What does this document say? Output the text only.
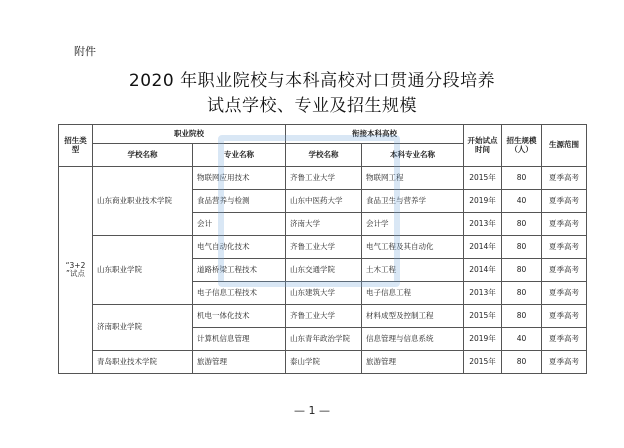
附件
2020 年职业院校与本科高校对口贯通分段培养
试点学校、专业及招生规模
招生类型	职业院校		衔接本科高校		开始试点时间	招生规模（人）	生源范围
	学校名称	专业名称	学校名称	本科专业名称			
“3+2 ”试点	山东商业职业技术学院	物联网应用技术	齐鲁工业大学	物联网工程	2015年	80	夏季高考
		食品营养与检测	山东中医药大学	食品卫生与营养学	2019年	40	夏季高考
		会计	济南大学	会计学	2013年	80	夏季高考
	山东职业学院	电气自动化技术	齐鲁工业大学	电气工程及其自动化	2014年	80	夏季高考
		道路桥梁工程技术	山东交通学院	土木工程	2014年	80	夏季高考
		电子信息工程技术	山东建筑大学	电子信息工程	2013年	80	夏季高考
	济南职业学院	机电一体化技术	齐鲁工业大学	材料成型及控制工程	2015年	80	夏季高考
		计算机信息管理	山东青年政治学院	信息管理与信息系统	2019年	40	夏季高考
	青岛职业技术学院	旅游管理	泰山学院	旅游管理	2015年	80	夏季高考
— 1 —
